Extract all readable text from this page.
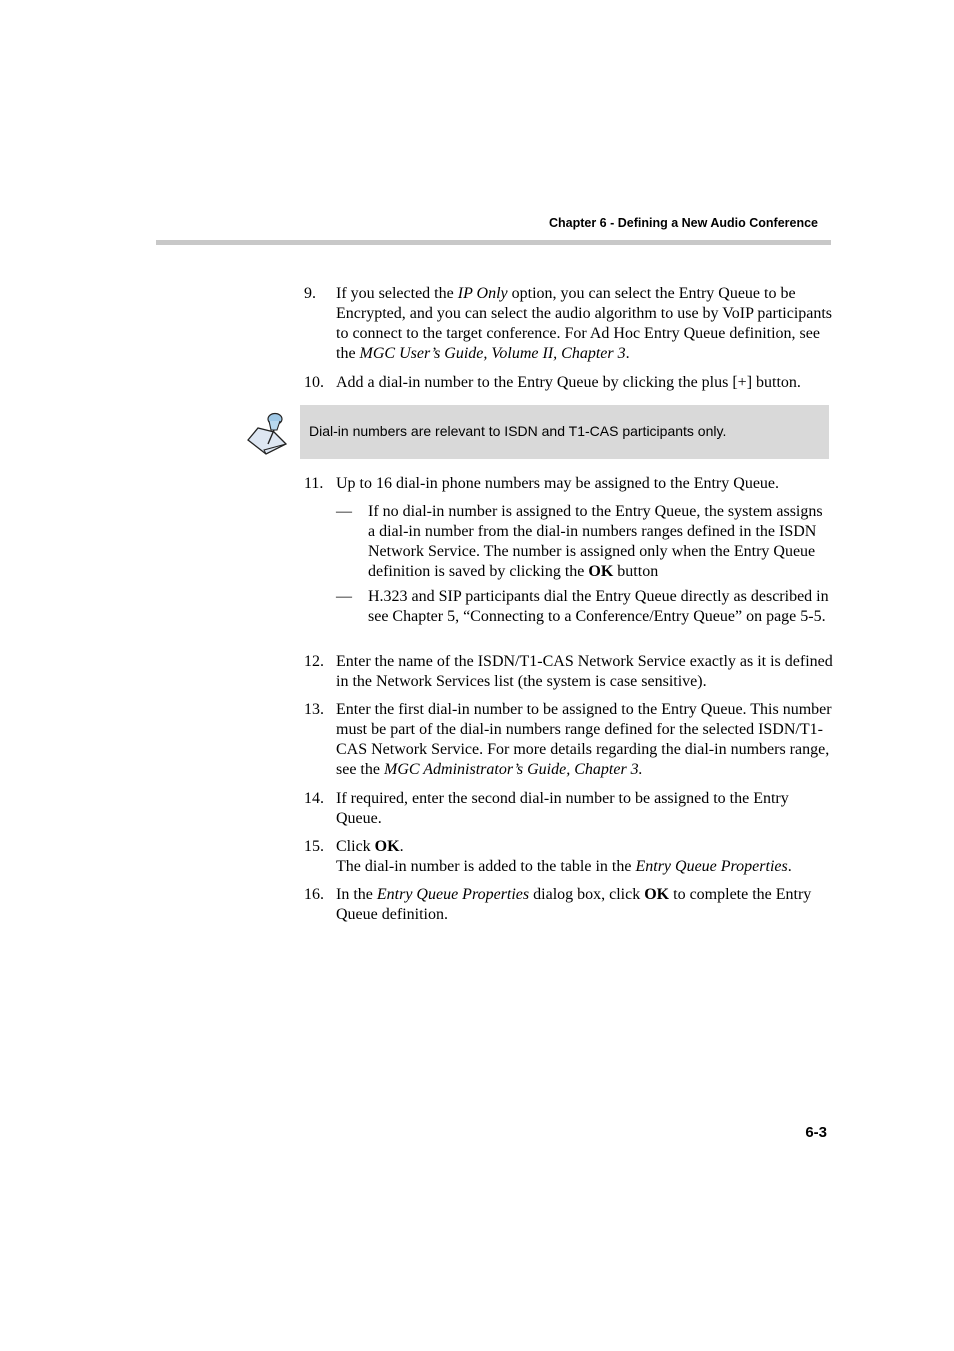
Chapter 6 - Defining a New Audio Conference
9. If you selected the IP Only option, you can select the Entry Queue to be Encrypted, and you can select the audio algorithm to use by VoIP participants to connect to the target conference. For Ad Hoc Entry Queue definition, see the MGC User’s Guide, Volume II, Chapter 3.
10. Add a dial-in number to the Entry Queue by clicking the plus [+] button.
Dial-in numbers are relevant to ISDN and T1-CAS participants only.
11. Up to 16 dial-in phone numbers may be assigned to the Entry Queue.
— If no dial-in number is assigned to the Entry Queue, the system assigns a dial-in number from the dial-in numbers ranges defined in the ISDN Network Service. The number is assigned only when the Entry Queue definition is saved by clicking the OK button
— H.323 and SIP participants dial the Entry Queue directly as described in see Chapter 5, “Connecting to a Conference/Entry Queue” on page 5-5.
12. Enter the name of the ISDN/T1-CAS Network Service exactly as it is defined in the Network Services list (the system is case sensitive).
13. Enter the first dial-in number to be assigned to the Entry Queue. This number must be part of the dial-in numbers range defined for the selected ISDN/T1-CAS Network Service. For more details regarding the dial-in numbers range, see the MGC Administrator’s Guide, Chapter 3.
14. If required, enter the second dial-in number to be assigned to the Entry Queue.
15. Click OK.
The dial-in number is added to the table in the Entry Queue Properties.
16. In the Entry Queue Properties dialog box, click OK to complete the Entry Queue definition.
6-3
